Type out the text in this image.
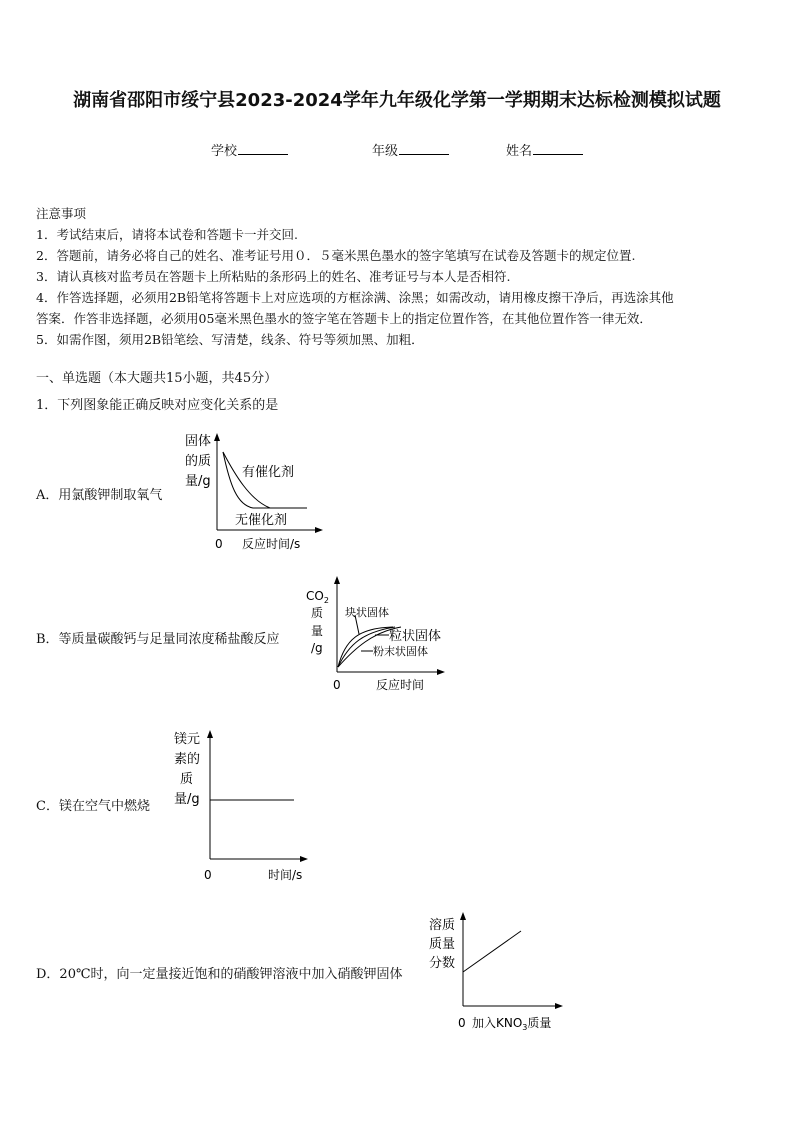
湖南省邵阳市绥宁县2023-2024学年九年级化学第一学期期末达标检测模拟试题
学校	年级	姓名
注意事项
1．考试结束后，请将本试卷和答题卡一并交回.
2．答题前，请务必将自己的姓名、准考证号用０．５毫米黑色墨水的签字笔填写在试卷及答题卡的规定位置.
3．请认真核对监考员在答题卡上所粘贴的条形码上的姓名、准考证号与本人是否相符.
4．作答选择题，必须用2B铅笔将答题卡上对应选项的方框涂满、涂黑；如需改动，请用橡皮擦干净后，再选涂其他
答案．作答非选择题，必须用05毫米黑色墨水的签字笔在答题卡上的指定位置作答，在其他位置作答一律无效．
5．如需作图，须用2B铅笔绘、写清楚，线条、符号等须加黑、加粗．
一、单选题（本大题共15小题，共45分）
1．下列图象能正确反映对应变化关系的是
A．用氯酸钾制取氧气
固体
的质
量/g
有催化剂
无催化剂
0 反应时间/s
B．等质量碳酸钙与足量同浓度稀盐酸反应
$CO_2$
质
量
/g
块状固体
粒状固体
粉末状固体
0	反应时间
C．镁在空气中燃烧
镁元
素的
质
量/g
0	时间/s
D．20℃时，向一定量接近饱和的硝酸钾溶液中加入硝酸钾固体
溶质
质量
分数
0 加入$KNO_3$质量
